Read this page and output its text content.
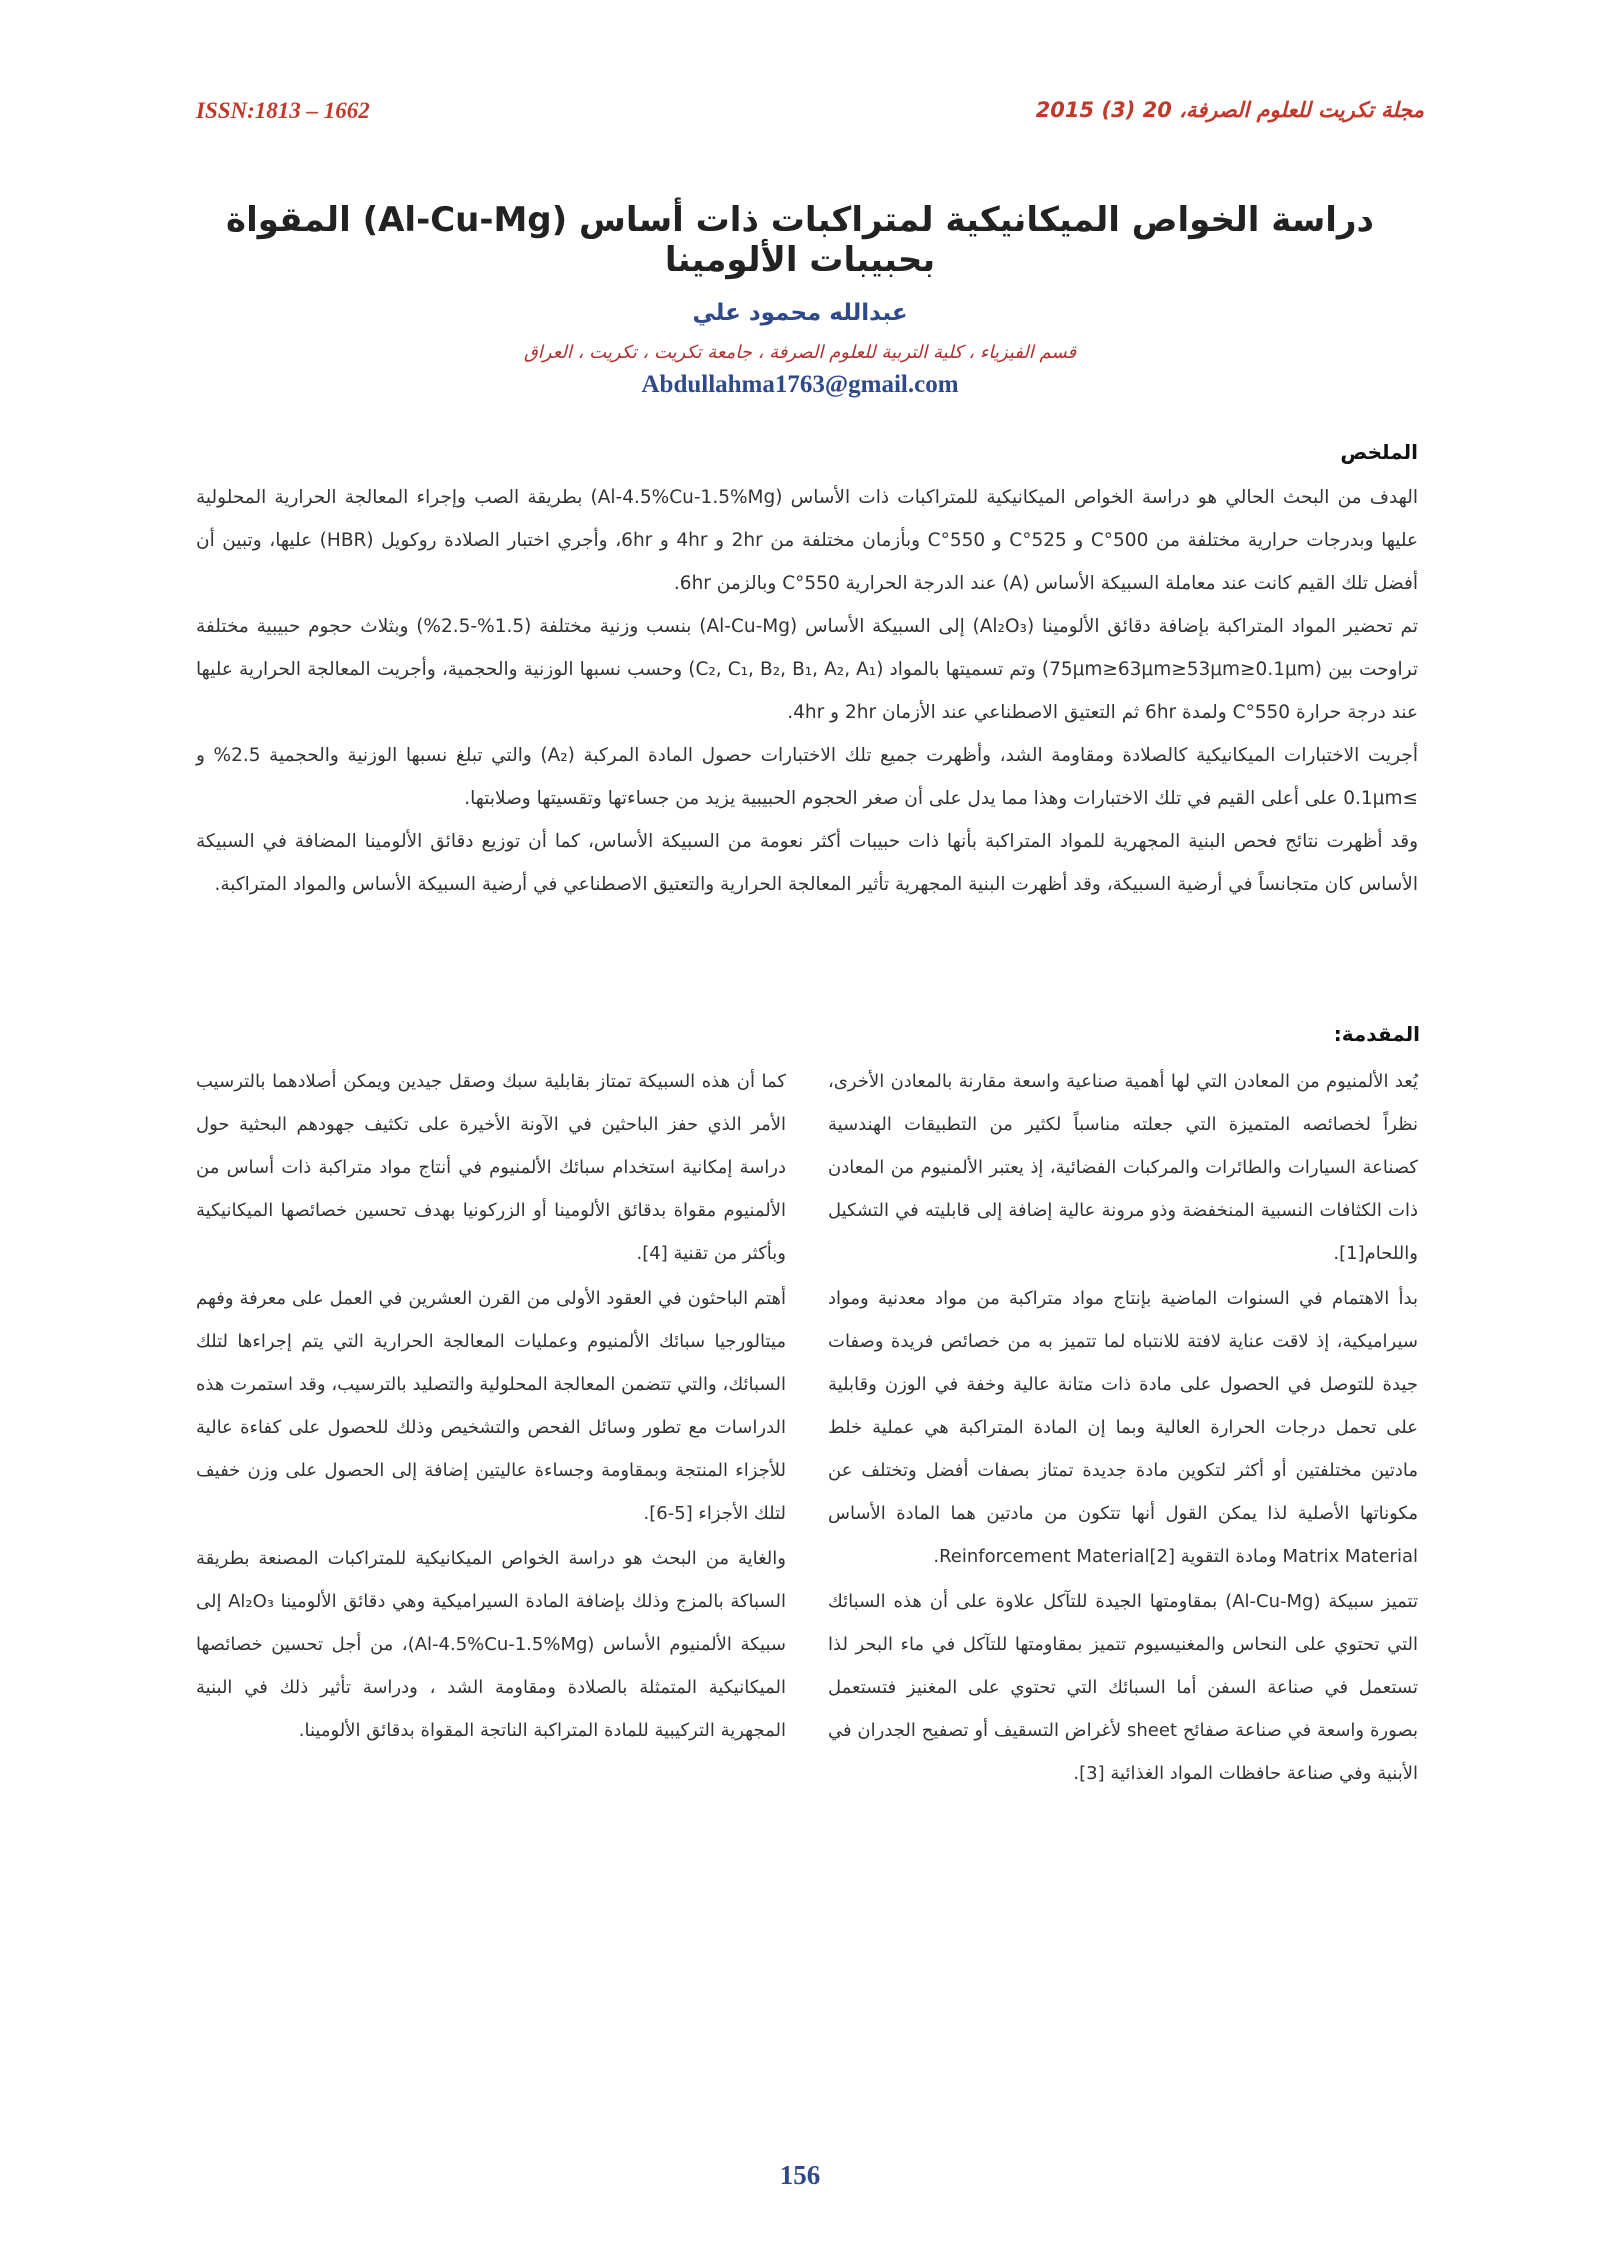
مجلة تكريت للعلوم الصرفة، 20 (3) 2015
ISSN:1813 – 1662
دراسة الخواص الميكانيكية لمتراكبات ذات أساس (Al-Cu-Mg) المقواة بحبيبات الألومينا
عبدالله محمود علي
قسم الفيزياء ، كلية التربية للعلوم الصرفة ، جامعة تكريت ، تكريت ، العراق
Abdullahma1763@gmail.com
الملخص

الهدف من البحث الحالي هو دراسة الخواص الميكانيكية للمتراكبات ذات الأساس (Al-4.5%Cu-1.5%Mg) بطريقة الصب وإجراء المعالجة الحرارية المحلولية عليها وبدرجات حرارية مختلفة من 500°C و 525°C و 550°C وبأزمان مختلفة من 2hr و 4hr و 6hr، وأجري اختبار الصلادة روكويل (HBR) عليها، وتبين أن أفضل تلك القيم كانت عند معاملة السبيكة الأساس (A) عند الدرجة الحرارية 550°C وبالزمن 6hr.

تم تحضير المواد المتراكبة بإضافة دقائق الألومينا (Al₂O₃) إلى السبيكة الأساس (Al-Cu-Mg) بنسب وزنية مختلفة (1.5%-2.5%) وبثلاث حجوم حبيبية مختلفة تراوحت بين (75μm≥63μm≥53μm≥0.1μm) وتم تسميتها بالمواد (C₂, C₁, B₂, B₁, A₂, A₁) وحسب نسبها الوزنية والحجمية، وأجريت المعالجة الحرارية عليها عند درجة حرارة 550°C ولمدة 6hr ثم التعتيق الاصطناعي عند الأزمان 2hr و 4hr.

أجريت الاختبارات الميكانيكية كالصلادة ومقاومة الشد، وأظهرت جميع تلك الاختبارات حصول المادة المركبة (A₂) والتي تبلغ نسبها الوزنية والحجمية 2.5% و ≥0.1μm على أعلى القيم في تلك الاختبارات وهذا مما يدل على أن صغر الحجوم الحبيبية يزيد من جساءتها وتقسيتها وصلابتها.

وقد أظهرت نتائج فحص البنية المجهرية للمواد المتراكبة بأنها ذات حبيبات أكثر نعومة من السبيكة الأساس، كما أن توزيع دقائق الألومينا المضافة في السبيكة الأساس كان متجانساً في أرضية السبيكة، وقد أظهرت البنية المجهرية تأثير المعالجة الحرارية والتعتيق الاصطناعي في أرضية السبيكة الأساس والمواد المتراكبة.

المقدمة:

يُعد الألمنيوم من المعادن التي لها أهمية صناعية واسعة مقارنة بالمعادن الأخرى، نظراً لخصائصه المتميزة التي جعلته مناسباً لكثير من التطبيقات الهندسية كصناعة السيارات والطائرات والمركبات الفضائية، إذ يعتبر الألمنيوم من المعادن ذات الكثافات النسبية المنخفضة وذو مرونة عالية إضافة إلى قابليته في التشكيل واللحام[1].

بدأ الاهتمام في السنوات الماضية بإنتاج مواد متراكبة من مواد معدنية ومواد سيراميكية، إذ لاقت عناية لافتة للانتباه لما تتميز به من خصائص فريدة وصفات جيدة للتوصل في الحصول على مادة ذات متانة عالية وخفة في الوزن وقابلية على تحمل درجات الحرارة العالية وبما إن المادة المتراكبة هي عملية خلط مادتين مختلفتين أو أكثر لتكوين مادة جديدة تمتاز بصفات أفضل وتختلف عن مكوناتها الأصلية لذا يمكن القول أنها تتكون من مادتين هما المادة الأساس Matrix Material ومادة التقوية Reinforcement Material[2].

تتميز سبيكة (Al-Cu-Mg) بمقاومتها الجيدة للتآكل علاوة على أن هذه السبائك التي تحتوي على النحاس والمغنيسيوم تتميز بمقاومتها للتآكل في ماء البحر لذا تستعمل في صناعة السفن أما السبائك التي تحتوي على المغنيز فتستعمل بصورة واسعة في صناعة صفائح sheet لأغراض التسقيف أو تصفيح الجدران في الأبنية وفي صناعة حافظات المواد الغذائية [3].

كما أن هذه السبيكة تمتاز بقابلية سبك وصقل جيدين ويمكن أصلادهما بالترسيب الأمر الذي حفز الباحثين في الآونة الأخيرة على تكثيف جهودهم البحثية حول دراسة إمكانية استخدام سبائك الألمنيوم في أنتاج مواد متراكبة ذات أساس من الألمنيوم مقواة بدقائق الألومينا أو الزركونيا بهدف تحسين خصائصها الميكانيكية وبأكثر من تقنية [4].

أهتم الباحثون في العقود الأولى من القرن العشرين في العمل على معرفة وفهم ميتالورجيا سبائك الألمنيوم وعمليات المعالجة الحرارية التي يتم إجراءها لتلك السبائك، والتي تتضمن المعالجة المحلولية والتصليد بالترسيب، وقد استمرت هذه الدراسات مع تطور وسائل الفحص والتشخيص وذلك للحصول على كفاءة عالية للأجزاء المنتجة وبمقاومة وجساءة عاليتين إضافة إلى الحصول على وزن خفيف لتلك الأجزاء [5-6].

والغاية من البحث هو دراسة الخواص الميكانيكية للمتراكبات المصنعة بطريقة السباكة بالمزج وذلك بإضافة المادة السيراميكية وهي دقائق الألومينا Al₂O₃ إلى سبيكة الألمنيوم الأساس (Al-4.5%Cu-1.5%Mg)، من أجل تحسين خصائصها الميكانيكية المتمثلة بالصلادة ومقاومة الشد ، ودراسة تأثير ذلك في البنية المجهرية التركيبية للمادة المتراكبة الناتجة المقواة بدقائق الألومينا.

156
